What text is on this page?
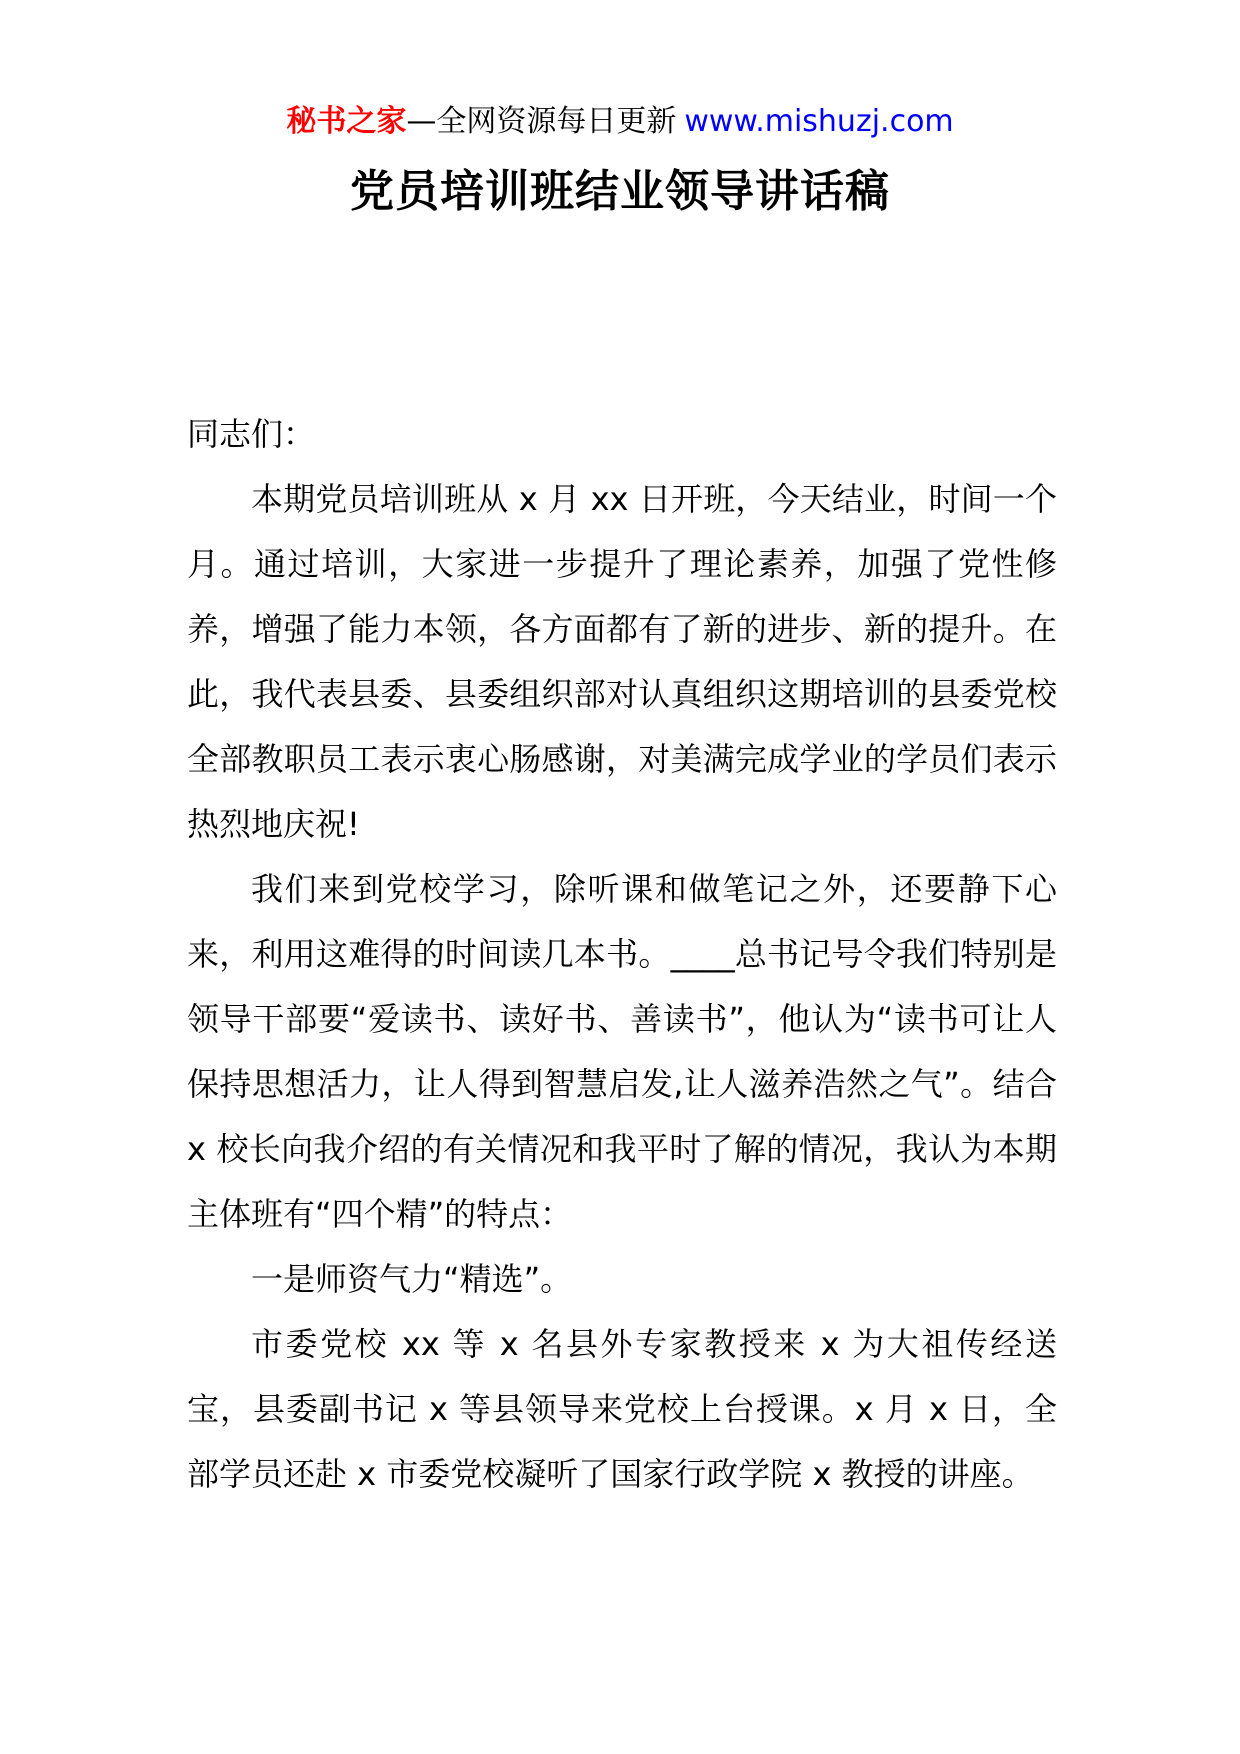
秘书之家—全网资源每日更新 www.mishuzj.com
党员培训班结业领导讲话稿

同志们：

本期党员培训班从 x 月 xx 日开班，今天结业，时间一个月。通过培训，大家进一步提升了理论素养，加强了党性修养，增强了能力本领，各方面都有了新的进步、新的提升。在此，我代表县委、县委组织部对认真组织这期培训的县委党校全部教职员工表示衷心肠感谢，对美满完成学业的学员们表示热烈地庆祝!

我们来到党校学习，除听课和做笔记之外，还要静下心来，利用这难得的时间读几本书。____总书记号令我们特别是领导干部要“爱读书、读好书、善读书”，他认为“读书可让人保持思想活力，让人得到智慧启发,让人滋养浩然之气”。结合 x 校长向我介绍的有关情况和我平时了解的情况，我认为本期主体班有“四个精”的特点：

一是师资气力“精选”。

市委党校 xx 等 x 名县外专家教授来 x 为大祖传经送宝，县委副书记 x 等县领导来党校上台授课。x 月 x 日，全部学员还赴 x 市委党校凝听了国家行政学院 x 教授的讲座。
